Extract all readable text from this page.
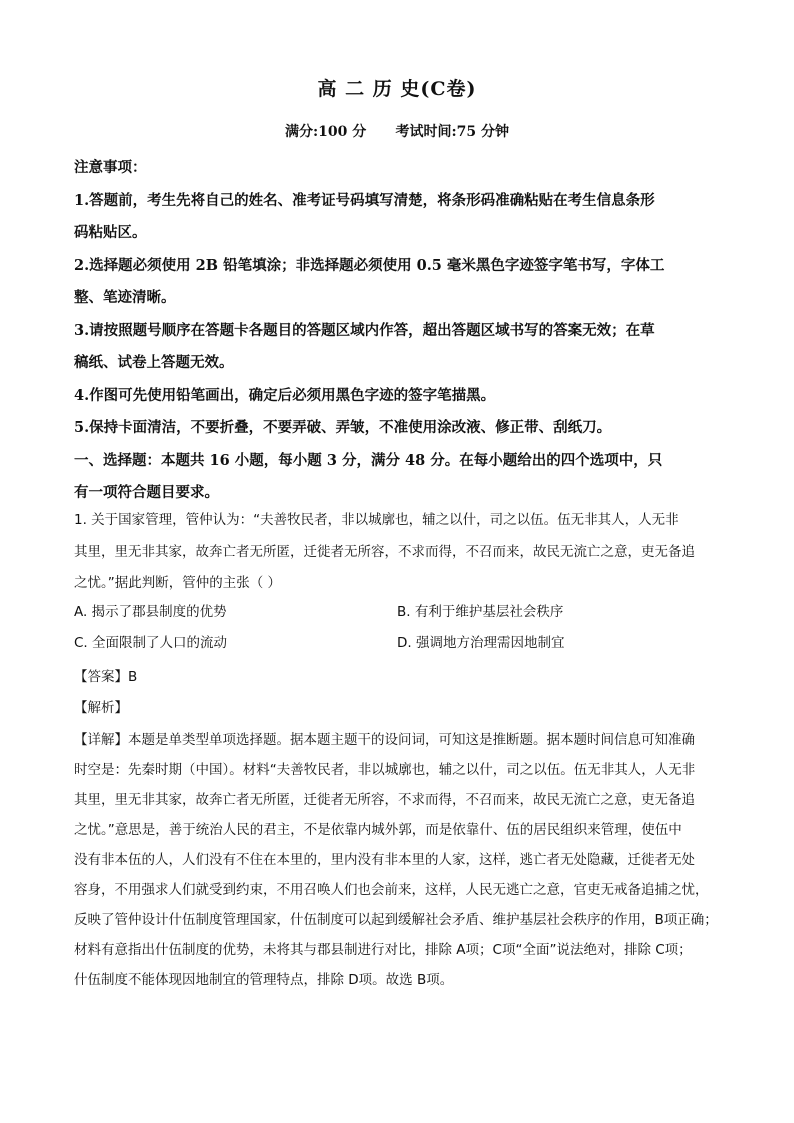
高 二 历 史(C卷)
满分:100 分      考试时间:75 分钟

注意事项：

1.答题前，考生先将自己的姓名、准考证号码填写清楚，将条形码准确粘贴在考生信息条形

码粘贴区。

2.选择题必须使用 2B 铅笔填涂；非选择题必须使用 0.5 毫米黑色字迹签字笔书写，字体工

整、笔迹清晰。

3.请按照题号顺序在答题卡各题目的答题区域内作答，超出答题区域书写的答案无效；在草

稿纸、试卷上答题无效。

4.作图可先使用铅笔画出，确定后必须用黑色字迹的签字笔描黑。

5.保持卡面清洁，不要折叠，不要弄破、弄皱，不准使用涂改液、修正带、刮纸刀。

一、选择题：本题共 16 小题，每小题 3 分，满分 48 分。在每小题给出的四个选项中，只

有一项符合题目要求。

1. 关于国家管理，管仲认为：“夫善牧民者，非以城廓也，辅之以什，司之以伍。伍无非其人，人无非

其里，里无非其家，故奔亡者无所匿，迁徙者无所容，不求而得，不召而来，故民无流亡之意，吏无备追

之忧。”据此判断，管仲的主张（ ）

A. 揭示了郡县制度的优势	B. 有利于维护基层社会秩序
C. 全面限制了人口的流动	D. 强调地方治理需因地制宜

【答案】B

【解析】

【详解】本题是单类型单项选择题。据本题主题干的设问词，可知这是推断题。据本题时间信息可知准确

时空是：先秦时期（中国）。材料“夫善牧民者，非以城廓也，辅之以什，司之以伍。伍无非其人，人无非

其里，里无非其家，故奔亡者无所匿，迁徙者无所容，不求而得，不召而来，故民无流亡之意，吏无备追

之忧。”意思是，善于统治人民的君主，不是依靠内城外郭，而是依靠什、伍的居民组织来管理，使伍中

没有非本伍的人，人们没有不住在本里的，里内没有非本里的人家，这样，逃亡者无处隐藏，迁徙者无处

容身，不用强求人们就受到约束，不用召唤人们也会前来，这样，人民无逃亡之意，官吏无戒备追捕之忧，

反映了管仲设计什伍制度管理国家，什伍制度可以起到缓解社会矛盾、维护基层社会秩序的作用，B项正确；

材料有意指出什伍制度的优势，未将其与郡县制进行对比，排除 A项；C项“全面”说法绝对，排除 C项；

什伍制度不能体现因地制宜的管理特点，排除 D项。故选 B项。
